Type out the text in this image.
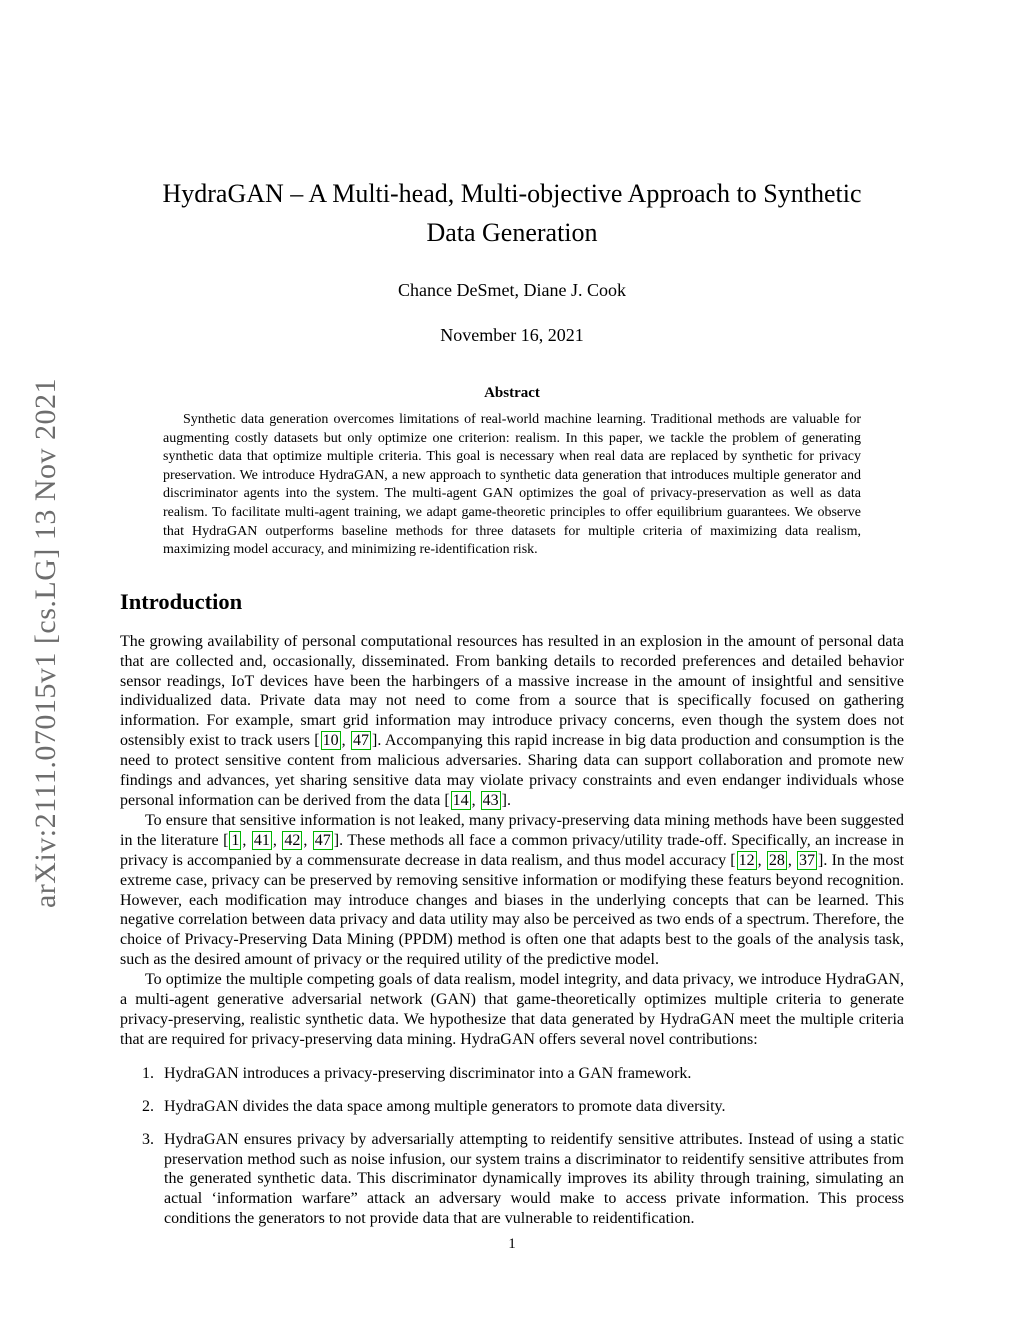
arXiv:2111.07015v1 [cs.LG] 13 Nov 2021
HydraGAN – A Multi-head, Multi-objective Approach to Synthetic
Data Generation
Chance DeSmet, Diane J. Cook
November 16, 2021
Abstract
Synthetic data generation overcomes limitations of real-world machine learning. Traditional methods are valuable for augmenting costly datasets but only optimize one criterion: realism. In this paper, we tackle the problem of generating synthetic data that optimize multiple criteria. This goal is necessary when real data are replaced by synthetic for privacy preservation. We introduce HydraGAN, a new approach to synthetic data generation that introduces multiple generator and discriminator agents into the system. The multi-agent GAN optimizes the goal of privacy-preservation as well as data realism. To facilitate multi-agent training, we adapt game-theoretic principles to offer equilibrium guarantees. We observe that HydraGAN outperforms baseline methods for three datasets for multiple criteria of maximizing data realism, maximizing model accuracy, and minimizing re-identification risk.
Introduction

The growing availability of personal computational resources has resulted in an explosion in the amount of personal data that are collected and, occasionally, disseminated. From banking details to recorded preferences and detailed behavior sensor readings, IoT devices have been the harbingers of a massive increase in the amount of insightful and sensitive individualized data. Private data may not need to come from a source that is specifically focused on gathering information. For example, smart grid information may introduce privacy concerns, even though the system does not ostensibly exist to track users [ 10 , 47 ]. Accompanying this rapid increase in big data production and consumption is the need to protect sensitive content from malicious adversaries. Sharing data can support collaboration and promote new findings and advances, yet sharing sensitive data may violate privacy constraints and even endanger individuals whose personal information can be derived from the data [ 14 , 43 ].

To ensure that sensitive information is not leaked, many privacy-preserving data mining methods have been suggested in the literature [ 1 , 41 , 42 , 47 ]. These methods all face a common privacy/utility trade-off. Specifically, an increase in privacy is accompanied by a commensurate decrease in data realism, and thus model accuracy [ 12 , 28 , 37 ]. In the most extreme case, privacy can be preserved by removing sensitive information or modifying these featurs beyond recognition. However, each modification may introduce changes and biases in the underlying concepts that can be learned. This negative correlation between data privacy and data utility may also be perceived as two ends of a spectrum. Therefore, the choice of Privacy-Preserving Data Mining (PPDM) method is often one that adapts best to the goals of the analysis task, such as the desired amount of privacy or the required utility of the predictive model.

To optimize the multiple competing goals of data realism, model integrity, and data privacy, we introduce HydraGAN, a multi-agent generative adversarial network (GAN) that game-theoretically optimizes multiple criteria to generate privacy-preserving, realistic synthetic data. We hypothesize that data generated by HydraGAN meet the multiple criteria that are required for privacy-preserving data mining. HydraGAN offers several novel contributions:

1. HydraGAN introduces a privacy-preserving discriminator into a GAN framework.
2. HydraGAN divides the data space among multiple generators to promote data diversity.
3. HydraGAN ensures privacy by adversarially attempting to reidentify sensitive attributes. Instead of using a static preservation method such as noise infusion, our system trains a discriminator to reidentify sensitive attributes from the generated synthetic data. This discriminator dynamically improves its ability through training, simulating an actual ‘information warfare” attack an adversary would make to access private information. This process conditions the generators to not provide data that are vulnerable to reidentification.
1
